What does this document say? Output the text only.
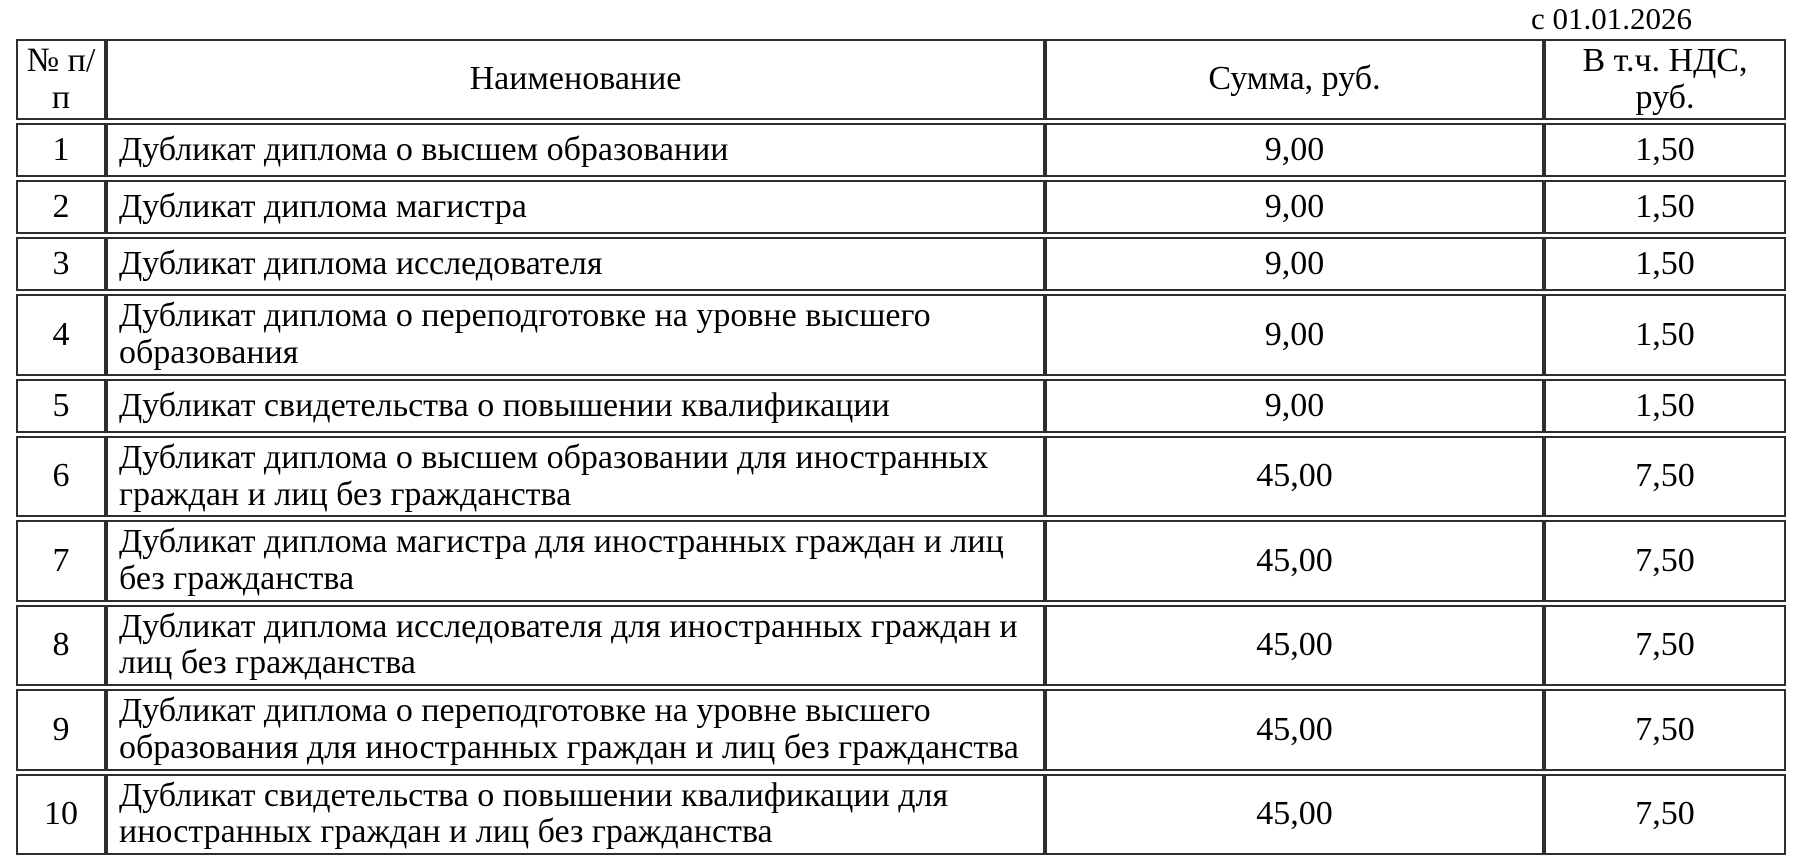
с 01.01.2026
№ п/п	Наименование	Сумма, руб.	В т.ч. НДС, руб.
1	Дубликат диплома о высшем образовании	9,00	1,50
2	Дубликат диплома магистра	9,00	1,50
3	Дубликат диплома исследователя	9,00	1,50
4	Дубликат диплома о переподготовке на уровне высшего образования	9,00	1,50
5	Дубликат свидетельства о повышении квалификации	9,00	1,50
6	Дубликат диплома о высшем образовании для иностранных граждан и лиц без гражданства	45,00	7,50
7	Дубликат диплома магистра для иностранных граждан и лиц без гражданства	45,00	7,50
8	Дубликат диплома исследователя для иностранных граждан и лиц без гражданства	45,00	7,50
9	Дубликат диплома о переподготовке на уровне высшего образования для иностранных граждан и лиц без гражданства	45,00	7,50
10	Дубликат свидетельства о повышении квалификации для иностранных граждан и лиц без гражданства	45,00	7,50
